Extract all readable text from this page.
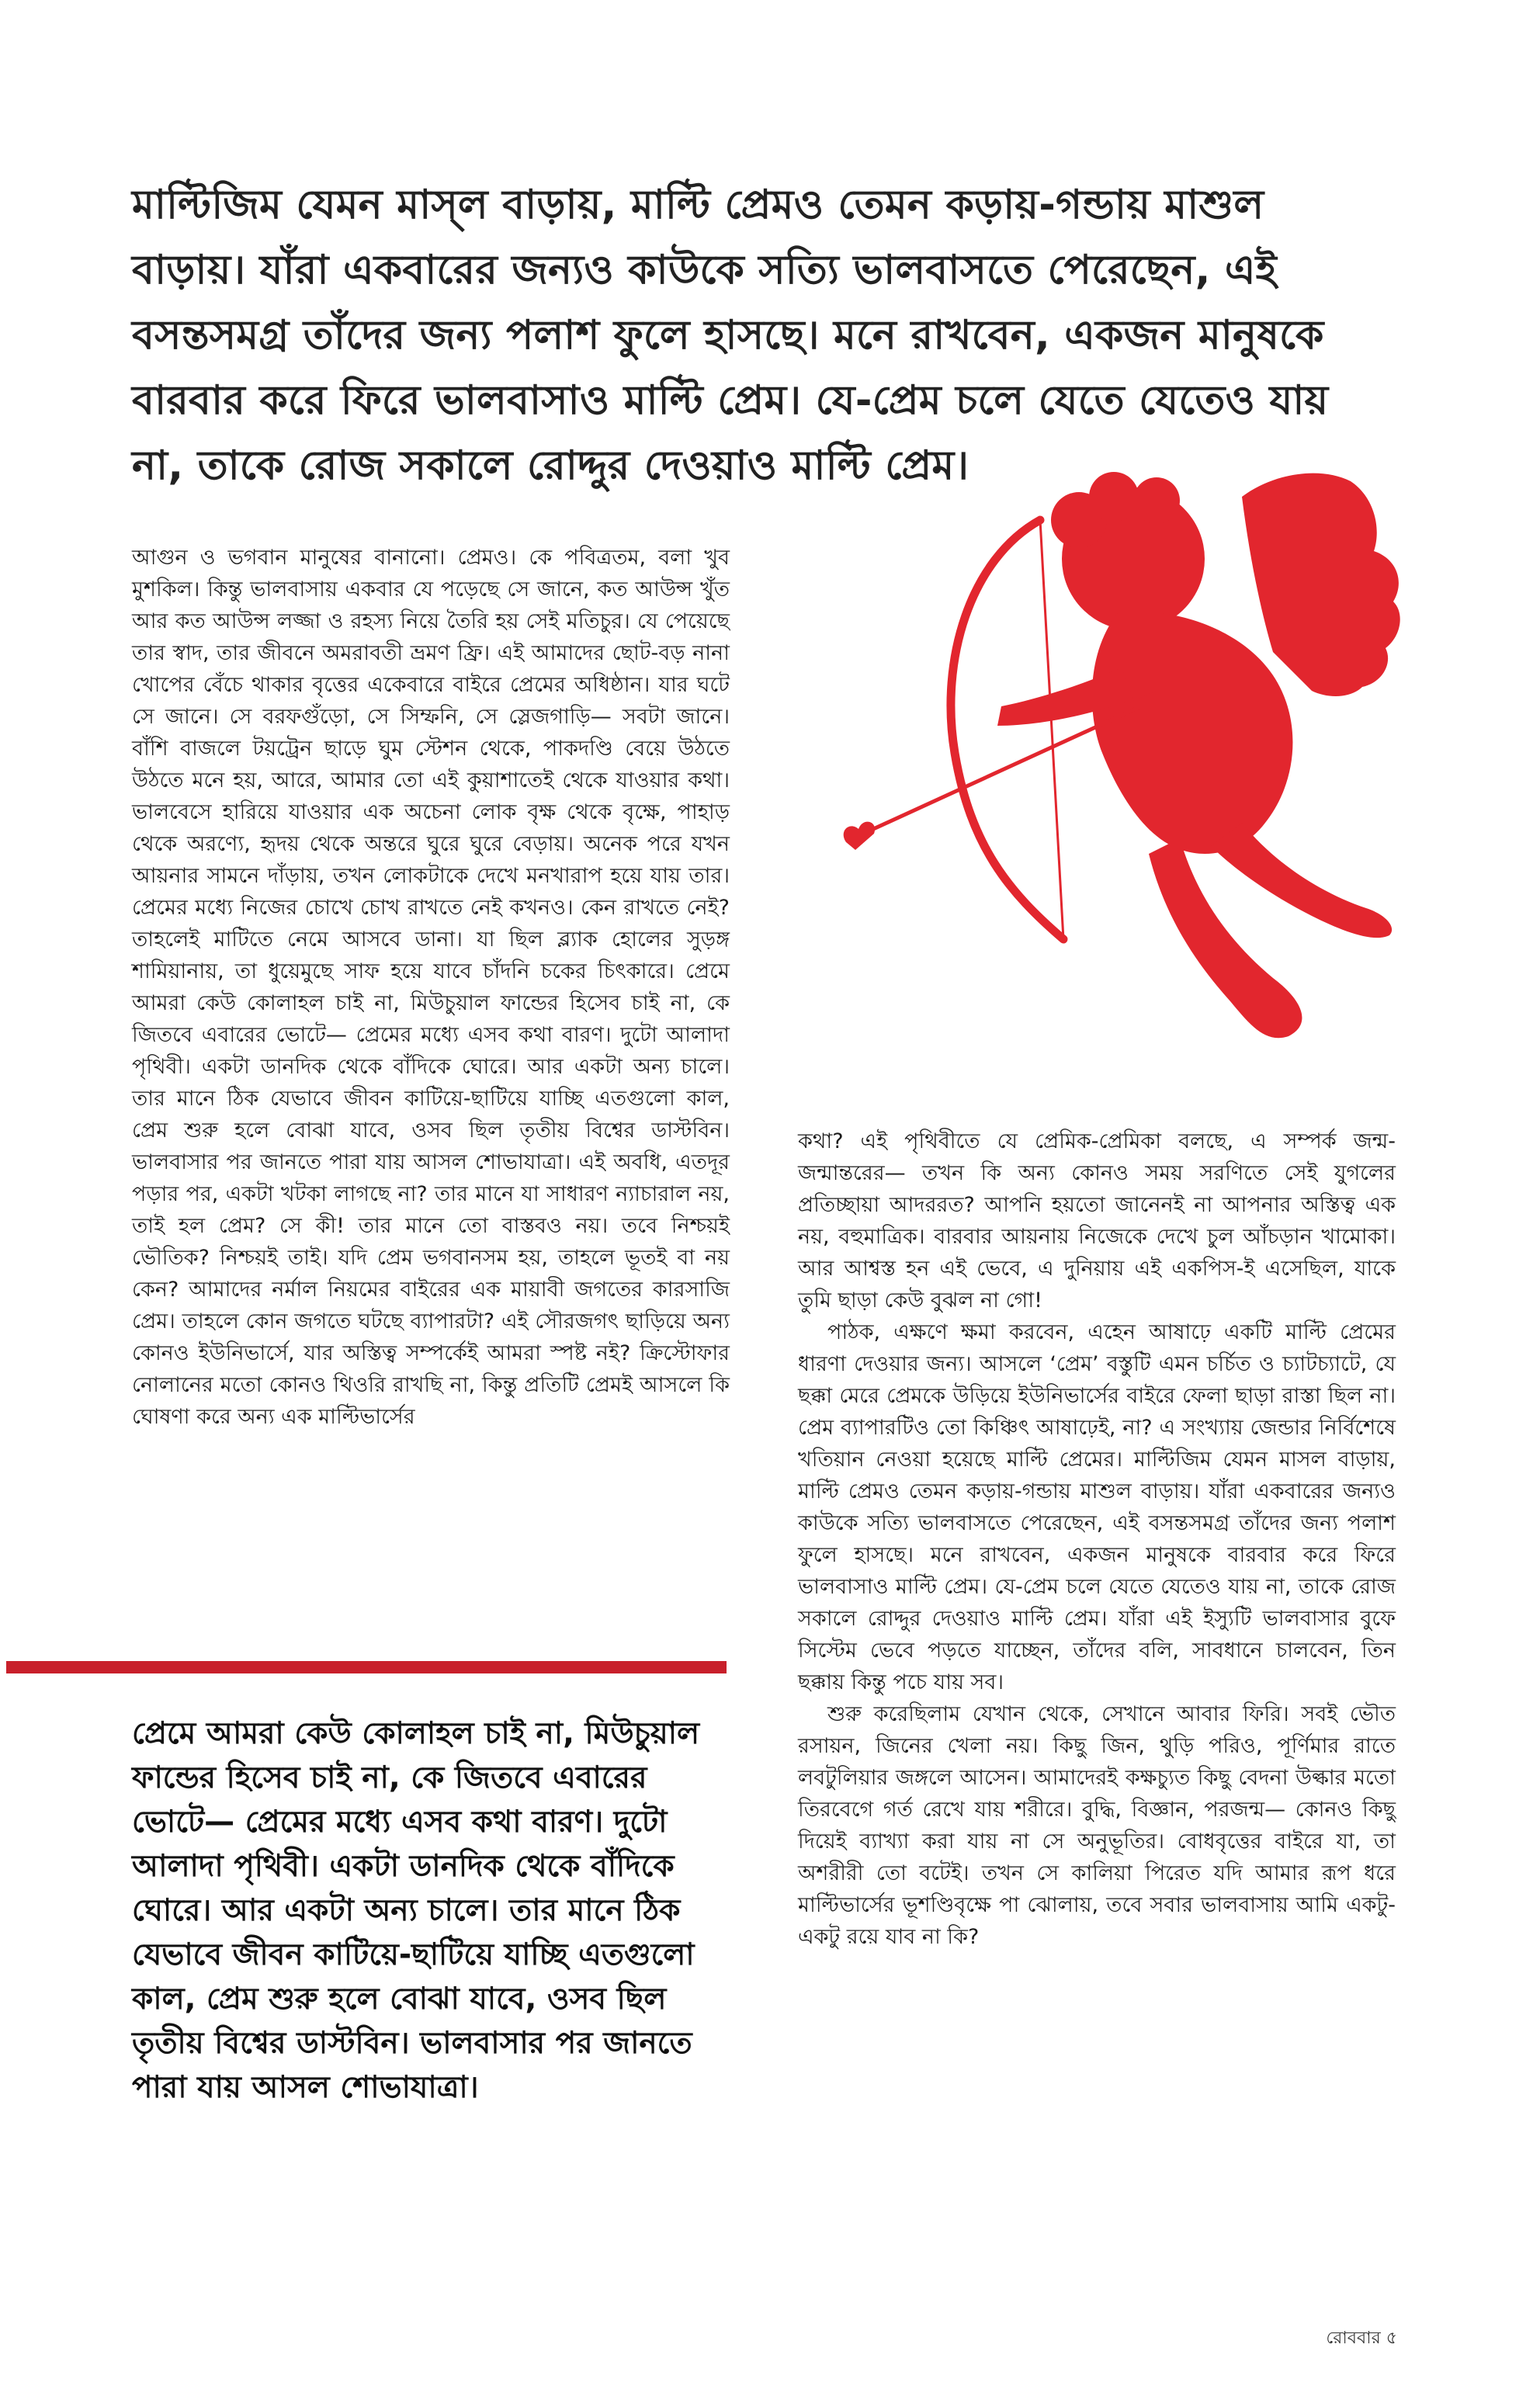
মাল্টিজিম যেমন মাস্‌ল বাড়ায়, মাল্টি প্রেমও তেমন কড়ায়-গন্ডায় মাশুল বাড়ায়। যাঁরা একবারের জন্যও কাউকে সত্যি ভালবাসতে পেরেছেন, এই বসন্তসমগ্র তাঁদের জন্য পলাশ ফুলে হাসছে। মনে রাখবেন, একজন মানুষকে বারবার করে ফিরে ভালবাসাও মাল্টি প্রেম। যে-প্রেম চলে যেতে যেতেও যায় না, তাকে রোজ সকালে রোদ্দুর দেওয়াও মাল্টি প্রেম।

আগুন ও ভগবান মানুষের বানানো। প্রেমও। কে পবিত্রতম, বলা খুব মুশকিল। কিন্তু ভালবাসায় একবার যে পড়েছে সে জানে, কত আউন্স খুঁত আর কত আউন্স লজ্জা ও রহস্য নিয়ে তৈরি হয় সেই মতিচুর। যে পেয়েছে তার স্বাদ, তার জীবনে অমরাবতী ভ্রমণ ফ্রি। এই আমাদের ছোট-বড় নানা খোপের বেঁচে থাকার বৃত্তের একেবারে বাইরে প্রেমের অধিষ্ঠান। যার ঘটে সে জানে। সে বরফগুঁড়ো, সে সিম্ফনি, সে স্লেজগাড়ি— সবটা জানে। বাঁশি বাজলে টয়ট্রেন ছাড়ে ঘুম স্টেশন থেকে, পাকদণ্ডি বেয়ে উঠতে উঠতে মনে হয়, আরে, আমার তো এই কুয়াশাতেই থেকে যাওয়ার কথা। ভালবেসে হারিয়ে যাওয়ার এক অচেনা লোক বৃক্ষ থেকে বৃক্ষে, পাহাড় থেকে অরণ্যে, হৃদয় থেকে অন্তরে ঘুরে ঘুরে বেড়ায়। অনেক পরে যখন আয়নার সামনে দাঁড়ায়, তখন লোকটাকে দেখে মনখারাপ হয়ে যায় তার। প্রেমের মধ্যে নিজের চোখে চোখ রাখতে নেই কখনও। কেন রাখতে নেই? তাহলেই মাটিতে নেমে আসবে ডানা। যা ছিল ব্ল্যাক হোলের সুড়ঙ্গ শামিয়ানায়, তা ধুয়েমুছে সাফ হয়ে যাবে চাঁদনি চকের চিৎকারে। প্রেমে আমরা কেউ কোলাহল চাই না, মিউচুয়াল ফান্ডের হিসেব চাই না, কে জিতবে এবারের ভোটে— প্রেমের মধ্যে এসব কথা বারণ। দুটো আলাদা পৃথিবী। একটা ডানদিক থেকে বাঁদিকে ঘোরে। আর একটা অন্য চালে। তার মানে ঠিক যেভাবে জীবন কাটিয়ে-ছাটিয়ে যাচ্ছি এতগুলো কাল, প্রেম শুরু হলে বোঝা যাবে, ওসব ছিল তৃতীয় বিশ্বের ডাস্টবিন। ভালবাসার পর জানতে পারা যায় আসল শোভাযাত্রা। এই অবধি, এতদূর পড়ার পর, একটা খটকা লাগছে না? তার মানে যা সাধারণ ন্যাচারাল নয়, তাই হল প্রেম? সে কী! তার মানে তো বাস্তবও নয়। তবে নিশ্চয়ই ভৌতিক? নিশ্চয়ই তাই। যদি প্রেম ভগবানসম হয়, তাহলে ভূতই বা নয় কেন? আমাদের নর্মাল নিয়মের বাইরের এক মায়াবী জগতের কারসাজি প্রেম। তাহলে কোন জগতে ঘটছে ব্যাপারটা? এই সৌরজগৎ ছাড়িয়ে অন্য কোনও ইউনিভার্সে, যার অস্তিত্ব সম্পর্কেই আমরা স্পষ্ট নই? ক্রিস্টোফার নোলানের মতো কোনও থিওরি রাখছি না, কিন্তু প্রতিটি প্রেমই আসলে কি ঘোষণা করে অন্য এক মাল্টিভার্সের

কথা? এই পৃথিবীতে যে প্রেমিক-প্রেমিকা বলছে, এ সম্পর্ক জন্ম-জন্মান্তরের— তখন কি অন্য কোনও সময় সরণিতে সেই যুগলের প্রতিচ্ছায়া আদররত? আপনি হয়তো জানেনই না আপনার অস্তিত্ব এক নয়, বহুমাত্রিক। বারবার আয়নায় নিজেকে দেখে চুল আঁচড়ান খামোকা। আর আশ্বস্ত হন এই ভেবে, এ দুনিয়ায় এই একপিস-ই এসেছিল, যাকে তুমি ছাড়া কেউ বুঝল না গো!

পাঠক, এক্ষণে ক্ষমা করবেন, এহেন আষাঢ়ে একটি মাল্টি প্রেমের ধারণা দেওয়ার জন্য। আসলে ‘প্রেম’ বস্তুটি এমন চর্চিত ও চ্যাটচ্যাটে, যে ছক্কা মেরে প্রেমকে উড়িয়ে ইউনিভার্সের বাইরে ফেলা ছাড়া রাস্তা ছিল না। প্রেম ব্যাপারটিও তো কিঞ্চিৎ আষাঢ়েই, না? এ সংখ্যায় জেন্ডার নির্বিশেষে খতিয়ান নেওয়া হয়েছে মাল্টি প্রেমের। মাল্টিজিম যেমন মাসল বাড়ায়, মাল্টি প্রেমও তেমন কড়ায়-গন্ডায় মাশুল বাড়ায়। যাঁরা একবারের জন্যও কাউকে সত্যি ভালবাসতে পেরেছেন, এই বসন্তসমগ্র তাঁদের জন্য পলাশ ফুলে হাসছে। মনে রাখবেন, একজন মানুষকে বারবার করে ফিরে ভালবাসাও মাল্টি প্রেম। যে-প্রেম চলে যেতে যেতেও যায় না, তাকে রোজ সকালে রোদ্দুর দেওয়াও মাল্টি প্রেম। যাঁরা এই ইস্যুটি ভালবাসার বুফে সিস্টেম ভেবে পড়তে যাচ্ছেন, তাঁদের বলি, সাবধানে চালবেন, তিন ছক্কায় কিন্তু পচে যায় সব।

শুরু করেছিলাম যেখান থেকে, সেখানে আবার ফিরি। সবই ভৌত রসায়ন, জিনের খেলা নয়। কিছু জিন, থুড়ি পরিও, পূর্ণিমার রাতে লবটুলিয়ার জঙ্গলে আসেন। আমাদেরই কক্ষচ্যুত কিছু বেদনা উল্কার মতো তিরবেগে গর্ত রেখে যায় শরীরে। বুদ্ধি, বিজ্ঞান, পরজন্ম— কোনও কিছু দিয়েই ব্যাখ্যা করা যায় না সে অনুভূতির। বোধবৃত্তের বাইরে যা, তা অশরীরী তো বটেই। তখন সে কালিয়া পিরেত যদি আমার রূপ ধরে মাল্টিভার্সের ভূশণ্ডিবৃক্ষে পা ঝোলায়, তবে সবার ভালবাসায় আমি একটু-একটু রয়ে যাব না কি?

প্রেমে আমরা কেউ কোলাহল চাই না, মিউচুয়াল ফান্ডের হিসেব চাই না, কে জিতবে এবারের ভোটে— প্রেমের মধ্যে এসব কথা বারণ। দুটো আলাদা পৃথিবী। একটা ডানদিক থেকে বাঁদিকে ঘোরে। আর একটা অন্য চালে। তার মানে ঠিক যেভাবে জীবন কাটিয়ে-ছাটিয়ে যাচ্ছি এতগুলো কাল, প্রেম শুরু হলে বোঝা যাবে, ওসব ছিল তৃতীয় বিশ্বের ডাস্টবিন। ভালবাসার পর জানতে পারা যায় আসল শোভাযাত্রা।
রোববার ৫
